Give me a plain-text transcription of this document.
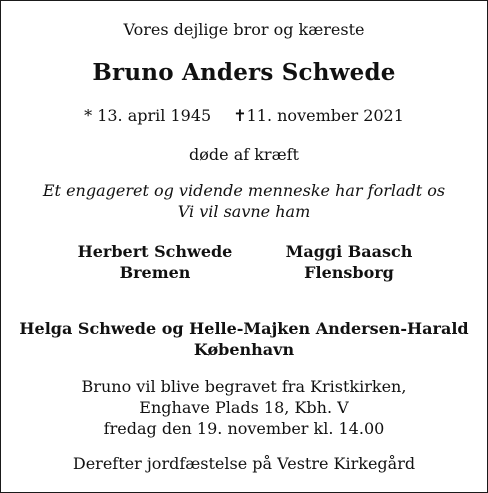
Vores dejlige bror og kæreste
Bruno Anders Schwede
* 13. april 1945 ✝11. november 2021
døde af kræft
Et engageret og vidende menneske har forladt os
Vi vil savne ham
Herbert Schwede
Bremen
Maggi Baasch
Flensborg
Helga Schwede og Helle-Majken Andersen-Harald
København
Bruno vil blive begravet fra Kristkirken,
Enghave Plads 18, Kbh. V
fredag den 19. november kl. 14.00
Derefter jordfæstelse på Vestre Kirkegård
